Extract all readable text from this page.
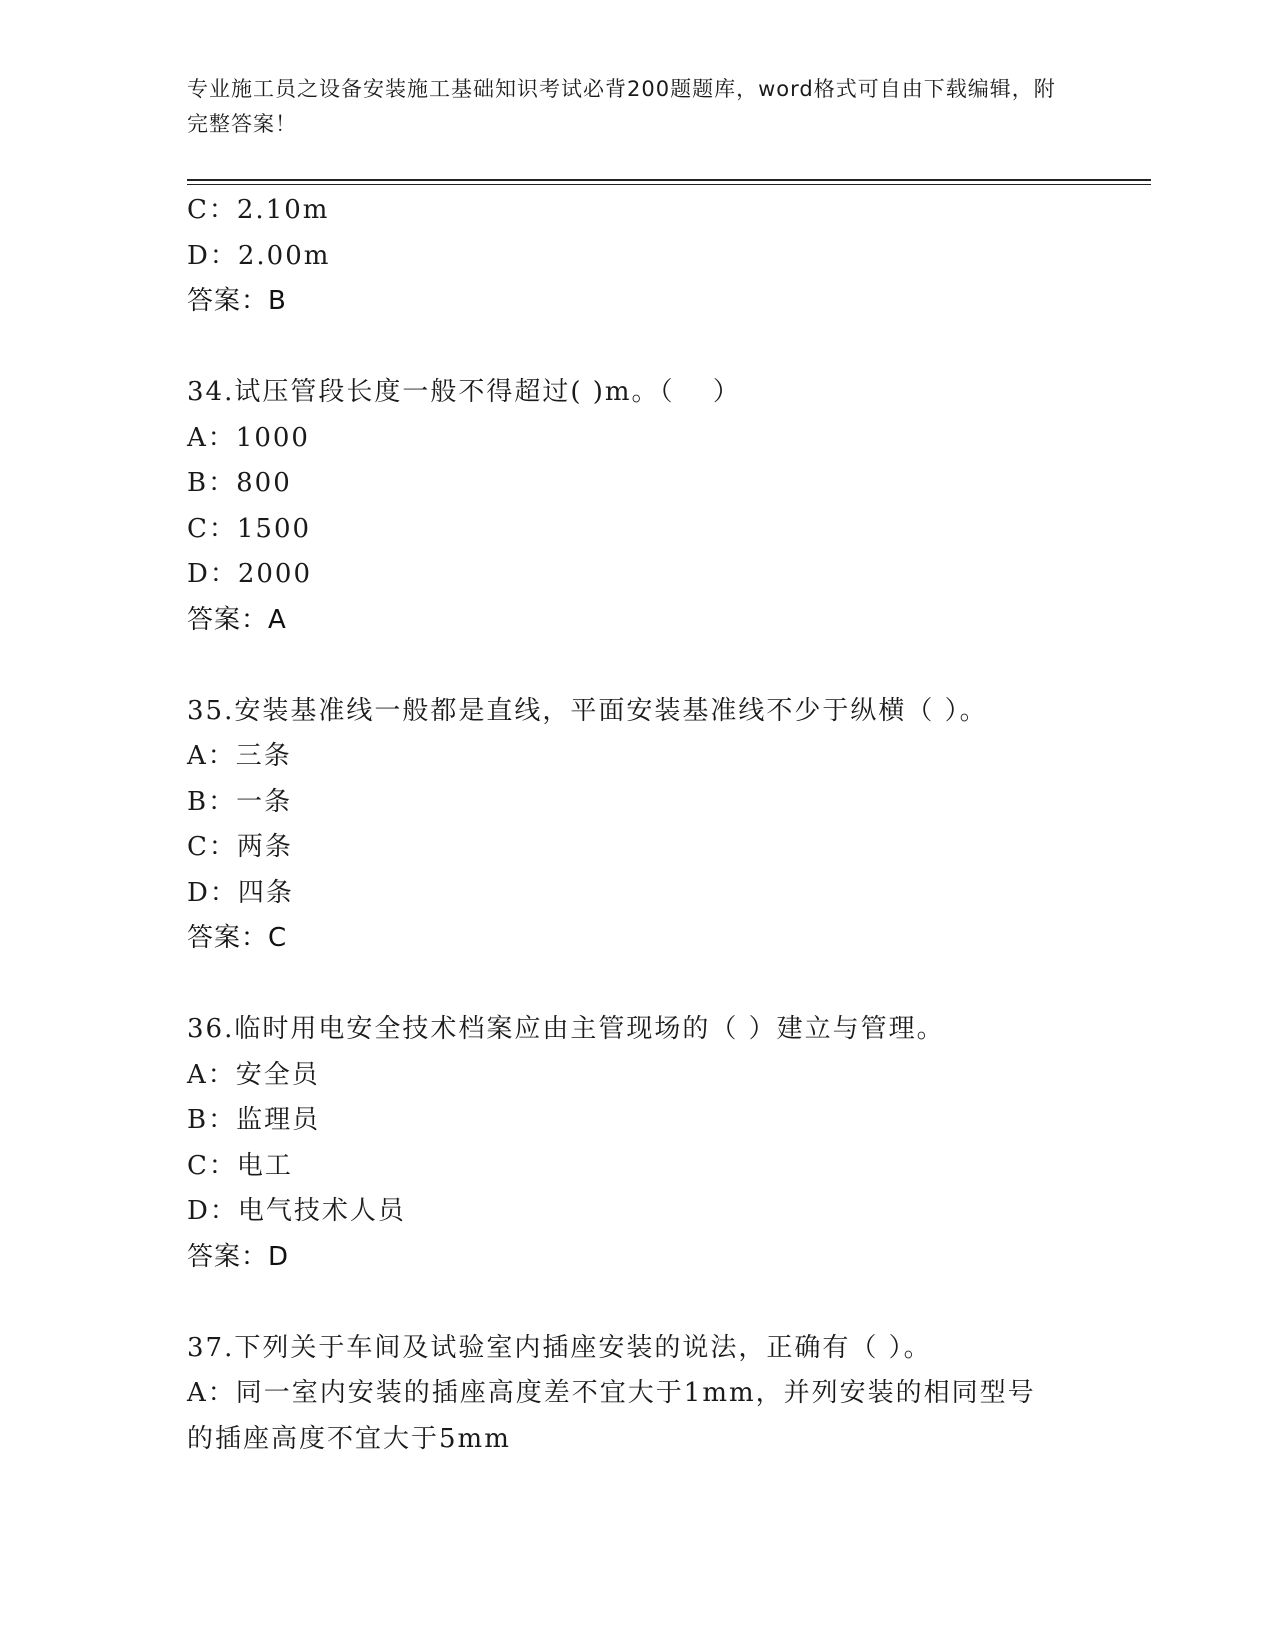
专业施工员之设备安装施工基础知识考试必背200题题库，word格式可自由下载编辑，附完整答案！
C：2.10m
D：2.00m
答案：B
34.试压管段长度一般不得超过( )m。（　 ）
A：1000
B：800
C：1500
D：2000
答案：A
35.安装基准线一般都是直线，平面安装基准线不少于纵横（ ）。
A：三条
B：一条
C：两条
D：四条
答案：C
36.临时用电安全技术档案应由主管现场的（ ）建立与管理。
A：安全员
B：监理员
C：电工
D：电气技术人员
答案：D
37.下列关于车间及试验室内插座安装的说法，正确有（ ）。
A：同一室内安装的插座高度差不宜大于1mm，并列安装的相同型号的插座高度不宜大于5mm
